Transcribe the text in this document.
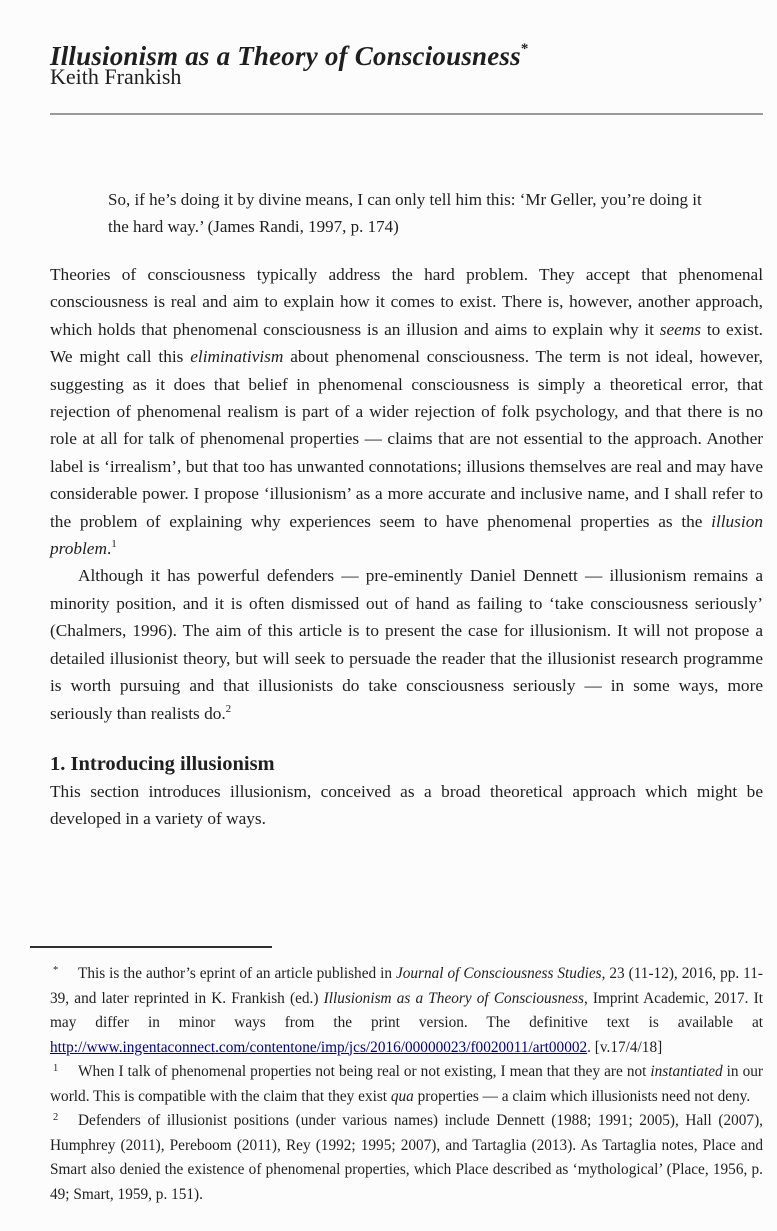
Illusionism as a Theory of Consciousness*
Keith Frankish
So, if he’s doing it by divine means, I can only tell him this: ‘Mr Geller, you’re doing it the hard way.’ (James Randi, 1997, p. 174)

Theories of consciousness typically address the hard problem. They accept that phenomenal consciousness is real and aim to explain how it comes to exist. There is, however, another approach, which holds that phenomenal consciousness is an illusion and aims to explain why it seems to exist. We might call this eliminativism about phenomenal consciousness. The term is not ideal, however, suggesting as it does that belief in phenomenal consciousness is simply a theoretical error, that rejection of phenomenal realism is part of a wider rejection of folk psychology, and that there is no role at all for talk of phenomenal properties — claims that are not essential to the approach. Another label is ‘irrealism’, but that too has unwanted connotations; illusions themselves are real and may have considerable power. I propose ‘illusionism’ as a more accurate and inclusive name, and I shall refer to the problem of explaining why experiences seem to have phenomenal properties as the illusion problem.$^1$

Although it has powerful defenders — pre-eminently Daniel Dennett — illusionism remains a minority position, and it is often dismissed out of hand as failing to ‘take consciousness seriously’ (Chalmers, 1996). The aim of this article is to present the case for illusionism. It will not propose a detailed illusionist theory, but will seek to persuade the reader that the illusionist research programme is worth pursuing and that illusionists do take consciousness seriously — in some ways, more seriously than realists do.$^2$

1. Introducing illusionism

This section introduces illusionism, conceived as a broad theoretical approach which might be developed in a variety of ways.

* This is the author’s eprint of an article published in Journal of Consciousness Studies, 23 (11-12), 2016, pp. 11-39, and later reprinted in K. Frankish (ed.) Illusionism as a Theory of Consciousness, Imprint Academic, 2017. It may differ in minor ways from the print version. The definitive text is available at http://www.ingentaconnect.com/contentone/imp/jcs/2016/00000023/f0020011/art00002. [v.17/4/18]

$^1$ When I talk of phenomenal properties not being real or not existing, I mean that they are not instantiated in our world. This is compatible with the claim that they exist qua properties — a claim which illusionists need not deny.

$^2$ Defenders of illusionist positions (under various names) include Dennett (1988; 1991; 2005), Hall (2007), Humphrey (2011), Pereboom (2011), Rey (1992; 1995; 2007), and Tartaglia (2013). As Tartaglia notes, Place and Smart also denied the existence of phenomenal properties, which Place described as ‘mythological’ (Place, 1956, p. 49; Smart, 1959, p. 151).
